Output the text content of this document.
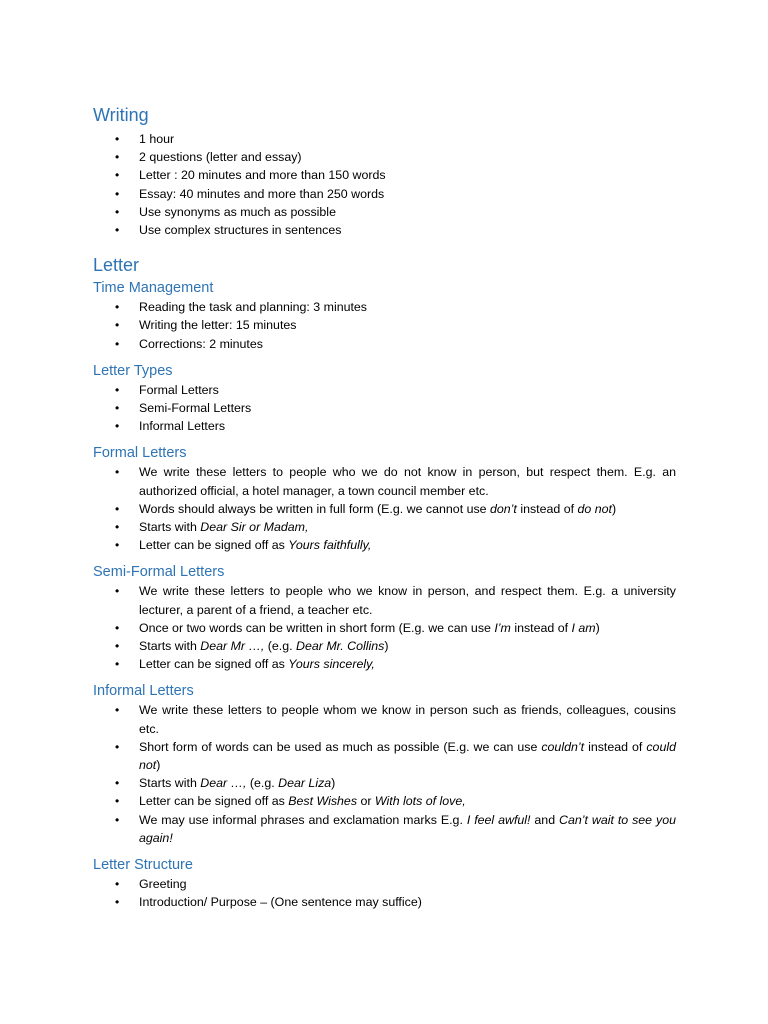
Writing
• 1 hour
• 2 questions (letter and essay)
• Letter : 20 minutes and more than 150 words
• Essay: 40 minutes and more than 250 words
• Use synonyms as much as possible
• Use complex structures in sentences
Letter
Time Management
• Reading the task and planning: 3 minutes
• Writing the letter: 15 minutes
• Corrections: 2 minutes
Letter Types
• Formal Letters
• Semi-Formal Letters
• Informal Letters
Formal Letters
• We write these letters to people who we do not know in person, but respect them. E.g. an authorized official, a hotel manager, a town council member etc.
• Words should always be written in full form (E.g. we cannot use don’t instead of do not)
• Starts with Dear Sir or Madam,
• Letter can be signed off as Yours faithfully,
Semi-Formal Letters
• We write these letters to people who we know in person, and respect them. E.g. a university lecturer, a parent of a friend, a teacher etc.
• Once or two words can be written in short form (E.g. we can use I’m instead of I am)
• Starts with Dear Mr …, (e.g. Dear Mr. Collins)
• Letter can be signed off as Yours sincerely,
Informal Letters
• We write these letters to people whom we know in person such as friends, colleagues, cousins etc.
• Short form of words can be used as much as possible (E.g. we can use couldn’t instead of could not)
• Starts with Dear …, (e.g. Dear Liza)
• Letter can be signed off as Best Wishes or With lots of love,
• We may use informal phrases and exclamation marks E.g. I feel awful! and Can’t wait to see you again!
Letter Structure
• Greeting
• Introduction/ Purpose – (One sentence may suffice)
